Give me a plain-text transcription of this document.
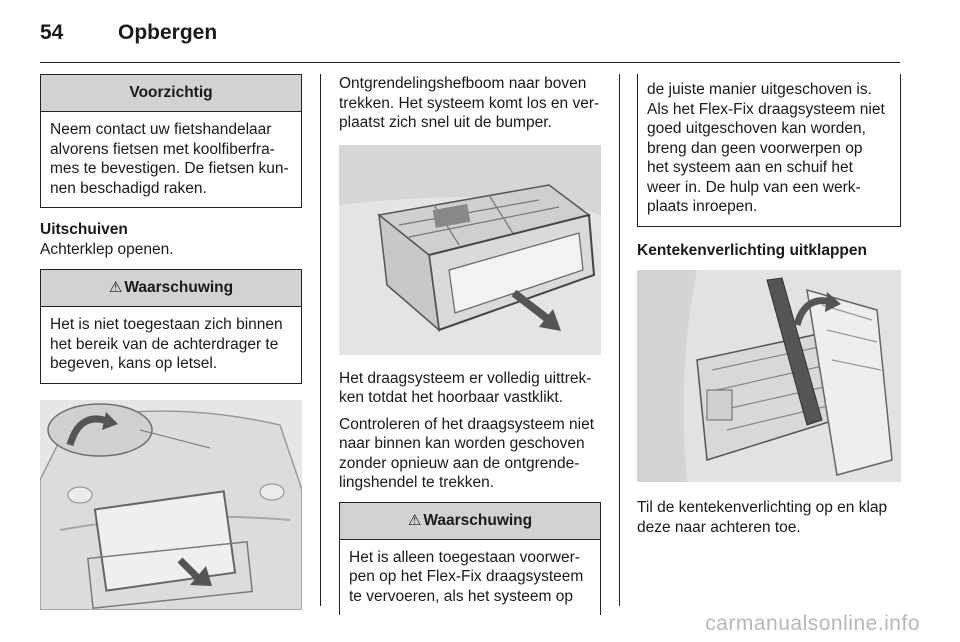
54	Opbergen
Voorzichtig
Neem contact uw fietshandelaar
alvorens fietsen met koolfiberfra-
mes te bevestigen. De fietsen kun-
nen beschadigd raken.
Uitschuiven

Achterklep openen.

⚠ Waarschuwing
Het is niet toegestaan zich binnen
het bereik van de achterdrager te
begeven, kans op letsel.

Ontgrendelingshefboom naar boven
trekken. Het systeem komt los en ver-
plaatst zich snel uit de bumper.

Het draagsysteem er volledig uittrek-
ken totdat het hoorbaar vastklikt.

Controleren of het draagsysteem niet
naar binnen kan worden geschoven
zonder opnieuw aan de ontgrende-
lingshendel te trekken.

⚠ Waarschuwing
Het is alleen toegestaan voorwer-
pen op het Flex-Fix draagsysteem
te vervoeren, als het systeem op
de juiste manier uitgeschoven is.
Als het Flex-Fix draagsysteem niet
goed uitgeschoven kan worden,
breng dan geen voorwerpen op
het systeem aan en schuif het
weer in. De hulp van een werk-
plaats inroepen.
Kentekenverlichting uitklappen

Til de kentekenverlichting op en klap
deze naar achteren toe.

carmanualsonline.info
